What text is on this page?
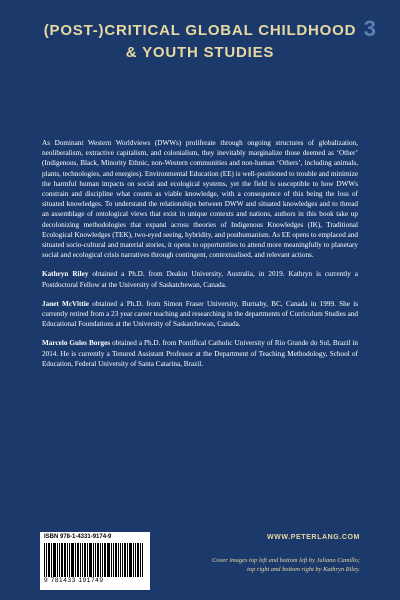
(POST-)CRITICAL GLOBAL CHILDHOOD
& YOUTH STUDIES
3

As Dominant Western Worldviews (DWWs) proliferate through ongoing structures of globalization, neoliberalism, extractive capitalism, and colonialism, they inevitably marginalize those deemed as ‘Other’ (Indigenous, Black, Minority Ethnic, non-Western communities and non-human ‘Others’, including animals, plants, technologies, and energies). Environmental Education (EE) is well-positioned to trouble and minimize the harmful human impacts on social and ecological systems, yet the field is susceptible to how DWWs constrain and discipline what counts as viable knowledge, with a consequence of this being the loss of situated knowledges. To understand the relationships between DWW and situated knowledges and to thread an assemblage of ontological views that exist in unique contexts and nations, authors in this book take up decolonizing methodologies that expand across theories of Indigenous Knowledges (IK), Traditional Ecological Knowledges (TEK), two-eyed seeing, hybridity, and posthumanism. As EE opens to emplaced and situated socio-cultural and material stories, it opens to opportunities to attend more meaningfully to planetary social and ecological crisis narratives through contingent, contextualised, and relevant actions.

Kathryn Riley obtained a Ph.D. from Deakin University, Australia, in 2019. Kathryn is currently a Postdoctoral Fellow at the University of Saskatchewan, Canada.

Janet McVittie obtained a Ph.D. from Simon Fraser University, Burnaby, BC, Canada in 1999. She is currently retired from a 23 year career teaching and researching in the departments of Curriculum Studies and Educational Foundations at the University of Saskatchewan, Canada.

Marcelo Gules Borges obtained a Ph.D. from Pontifical Catholic University of Rio Grande do Sul, Brazil in 2014. He is currently a Tenured Assistant Professor at the Department of Teaching Methodology, School of Education, Federal University of Santa Catarina, Brazil.

ISBN 978-1-4331-9174-9
9 781433 191749
WWW.PETERLANG.COM
Cover images top left and bottom left by Juliano Camillo;
top right and bottom right by Kathryn Riley.
